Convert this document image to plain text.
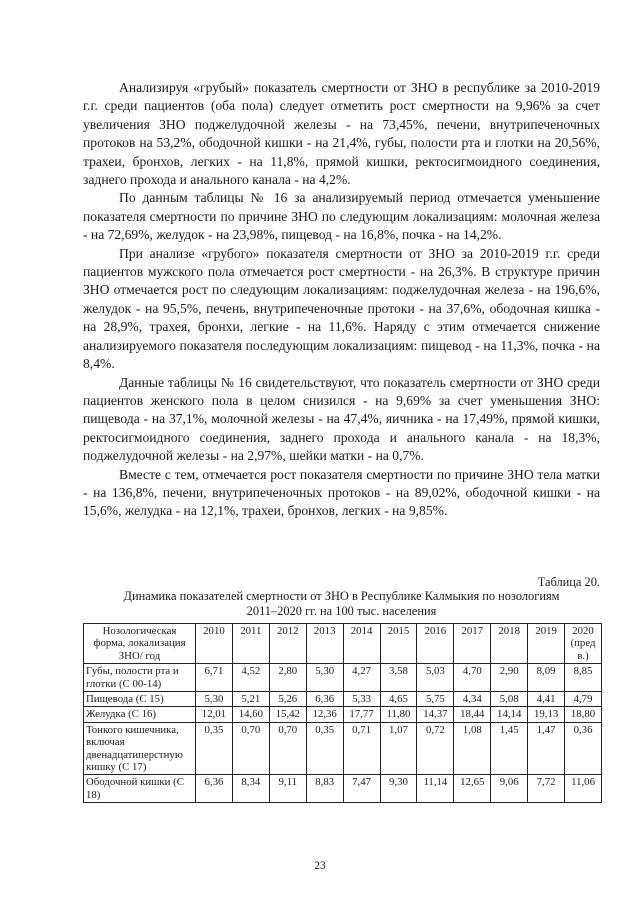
Анализируя «грубый» показатель смертности от ЗНО в республике за 2010-2019 г.г. среди пациентов (оба пола) следует отметить рост смертности на 9,96% за счет увеличения ЗНО поджелудочной железы - на 73,45%, печени, внутрипеченочных протоков на 53,2%, ободочной кишки - на 21,4%, губы, полости рта и глотки на 20,56%, трахеи, бронхов, легких - на 11,8%, прямой кишки, ректосигмоидного соединения, заднего прохода и анального канала - на 4,2%.

По данным таблицы № 16 за анализируемый период отмечается уменьшение показателя смертности по причине ЗНО по следующим локализациям: молочная железа - на 72,69%, желудок - на 23,98%, пищевод - на 16,8%, почка - на 14,2%.

При анализе «грубого» показателя смертности от ЗНО за 2010-2019 г.г. среди пациентов мужского пола отмечается рост смертности - на 26,3%. В структуре причин ЗНО отмечается рост по следующим локализациям: поджелудочная железа - на 196,6%, желудок - на 95,5%, печень, внутрипеченочные протоки - на 37,6%, ободочная кишка - на 28,9%, трахея, бронхи, легкие - на 11,6%. Наряду с этим отмечается снижение анализируемого показателя последующим локализациям: пищевод - на 11,3%, почка - на 8,4%.

Данные таблицы № 16 свидетельствуют, что показатель смертности от ЗНО среди пациентов женского пола в целом снизился - на 9,69% за счет уменьшения ЗНО: пищевода - на 37,1%, молочной железы - на 47,4%, яичника - на 17,49%, прямой кишки, ректосигмоидного соединения, заднего прохода и анального канала - на 18,3%, поджелудочной железы - на 2,97%, шейки матки - на 0,7%.

Вместе с тем, отмечается рост показателя смертности по причине ЗНО тела матки - на 136,8%, печени, внутрипеченочных протоков - на 89,02%, ободочной кишки - на 15,6%, желудка - на 12,1%, трахеи, бронхов, легких - на 9,85%.

Таблица 20.

Динамика показателей смертности от ЗНО в Республике Калмыкия по нозологиям

2011–2020 гг. на 100 тыс. населения

Нозологическая форма, локализация ЗНО/ год	2010	2011	2012	2013	2014	2015	2016	2017	2018	2019	2020 (пред в.)
Губы, полости рта и глотки (С 00-14)	6,71	4,52	2,80	5,30	4,27	3,58	5,03	4,70	2,90	8,09	8,85
Пищевода (С 15)	5,30	5,21	5,26	6,36	5,33	4,65	5,75	4,34	5,08	4,41	4,79
Желудка (С 16)	12,01	14,60	15,42	12,36	17,77	11,80	14,37	18,44	14,14	19,13	18,80
Тонкого кишечника, включая двенадцатиперстную кишку (С 17)	0,35	0,70	0,70	0,35	0,71	1,07	0,72	1,08	1,45	1,47	0,36
Ободочной кишки (С 18)	6,36	8,34	9,11	8,83	7,47	9,30	11,14	12,65	9,06	7,72	11,06
23
